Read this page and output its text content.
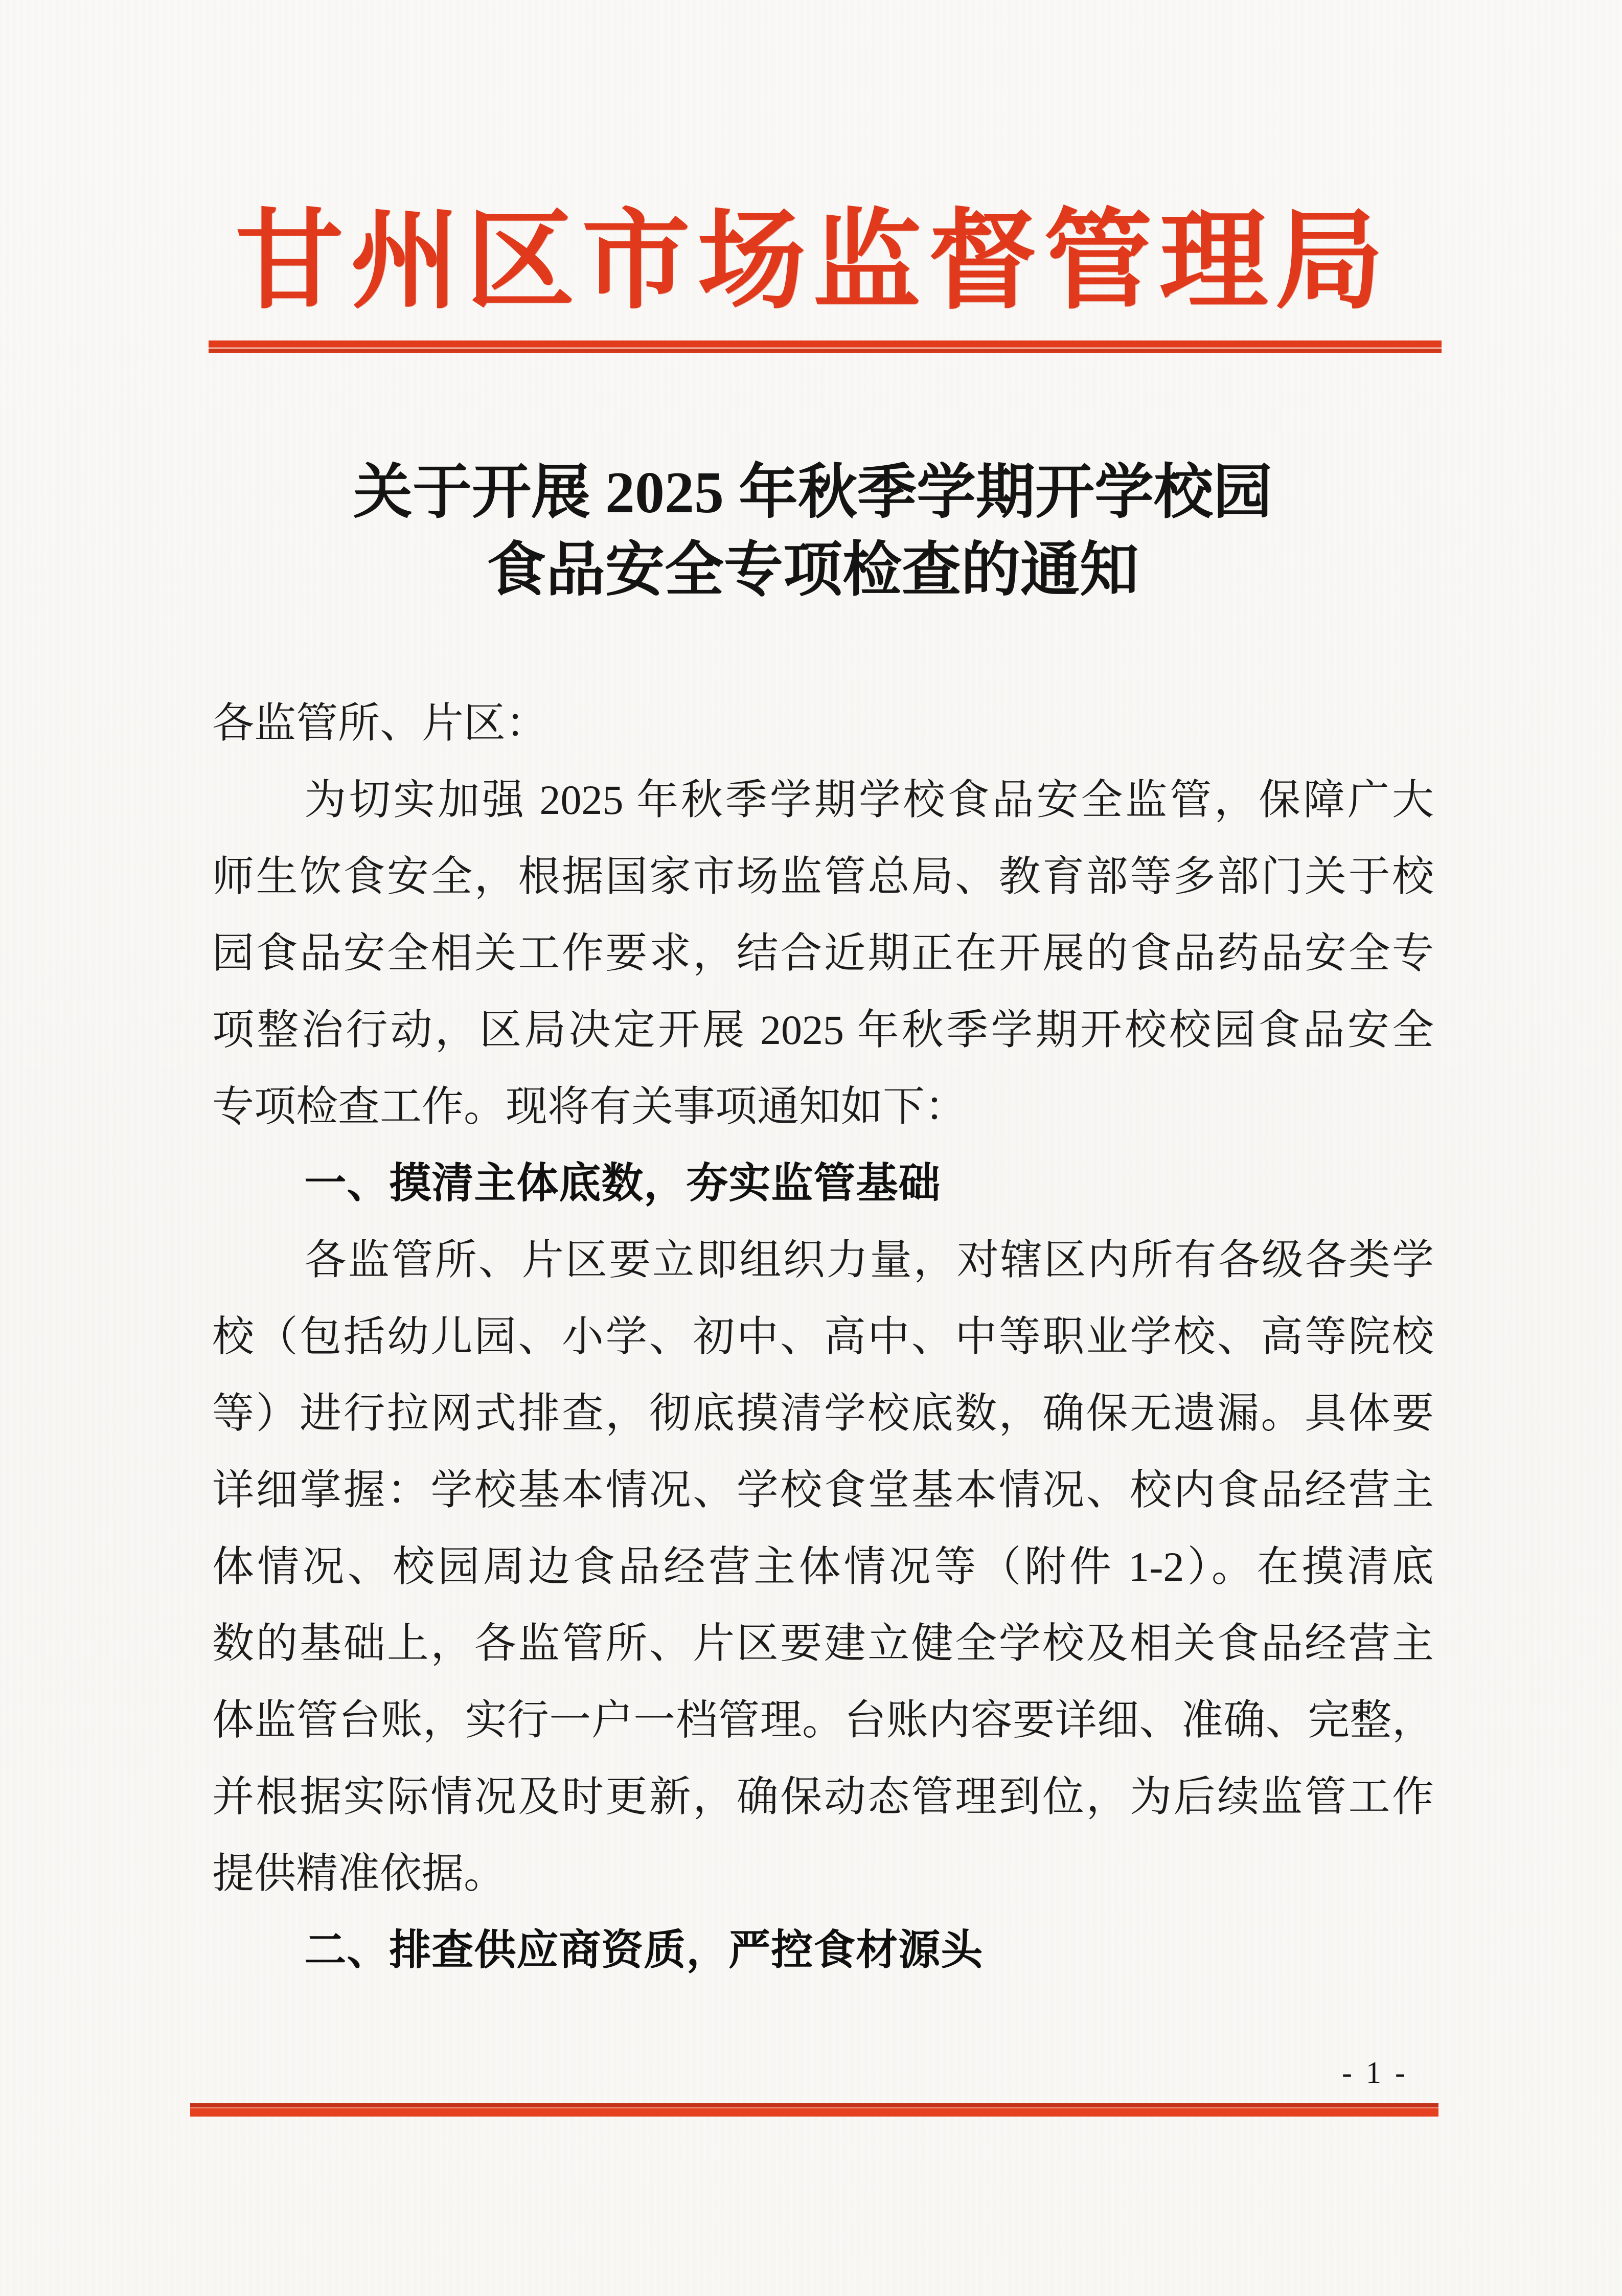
甘州区市场监督管理局
关于开展 2025 年秋季学期开学校园
食品安全专项检查的通知
各监管所、片区：
为切实加强 2025 年秋季学期学校食品安全监管，保障广大
师生饮食安全，根据国家市场监管总局、教育部等多部门关于校
园食品安全相关工作要求，结合近期正在开展的食品药品安全专
项整治行动，区局决定开展 2025 年秋季学期开校校园食品安全
专项检查工作。现将有关事项通知如下：
一、摸清主体底数，夯实监管基础
各监管所、片区要立即组织力量，对辖区内所有各级各类学
校（包括幼儿园、小学、初中、高中、中等职业学校、高等院校
等）进行拉网式排查，彻底摸清学校底数，确保无遗漏。具体要
详细掌握：学校基本情况、学校食堂基本情况、校内食品经营主
体情况、校园周边食品经营主体情况等（附件 1-2）。在摸清底
数的基础上，各监管所、片区要建立健全学校及相关食品经营主
体监管台账，实行一户一档管理。台账内容要详细、准确、完整，
并根据实际情况及时更新，确保动态管理到位，为后续监管工作
提供精准依据。
二、排查供应商资质，严控食材源头
- 1 -
